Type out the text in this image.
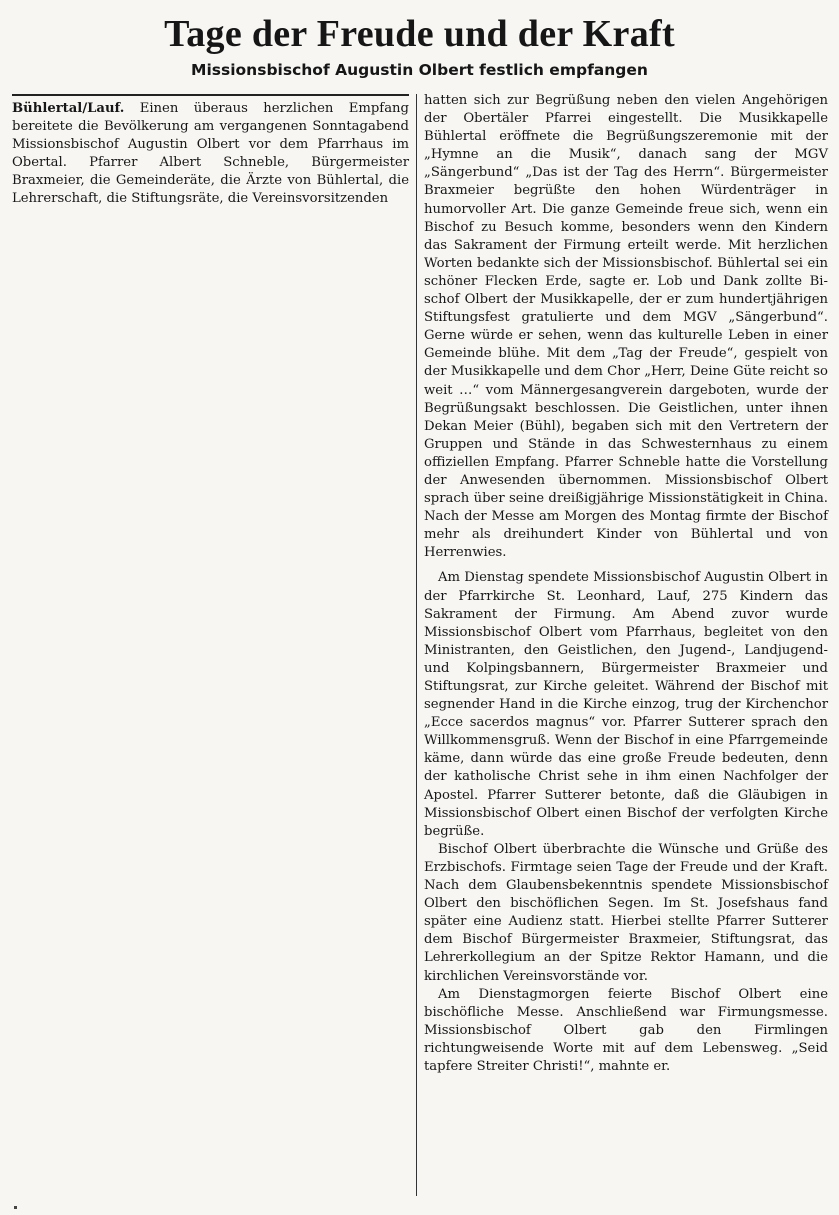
Tage der Freude und der Kraft
Missionsbischof Augustin Olbert festlich empfangen

Bühlertal/Lauf. Einen überaus herzlichen Empfang bereitete die Bevölkerung am vergangenen Sonntagabend Missionsbischof Augustin Olbert vor dem Pfarrhaus im Obertal. Pfarrer Albert Schneble, Bürgermeister Braxmeier, die Gemeinderäte, die Ärzte von Bühlertal, die Lehrerschaft, die Stiftungsräte, die Vereinsvorsitzenden

hatten sich zur Begrüßung neben den vielen Angehörigen der Obertäler Pfarrei eingestellt. Die Musikkapelle Bühlertal eröffnete die Begrüßungszeremonie mit der „Hymne an die Musik“, danach sang der MGV „Sängerbund“ „Das ist der Tag des Herrn“. Bürgermeister Braxmeier begrüßte den hohen Würdenträger in humorvoller Art. Die ganze Gemeinde freue sich, wenn ein Bischof zu Besuch komme, besonders wenn den Kindern das Sakrament der Firmung erteilt werde. Mit herzlichen Worten bedankte sich der Missionsbischof. Bühlertal sei ein schöner Flecken Erde, sagte er. Lob und Dank zollte Bischof Olbert der Musikkapelle, der er zum hundertjährigen Stiftungsfest gratulierte und dem MGV „Sängerbund“. Gerne würde er sehen, wenn das kulturelle Leben in einer Gemeinde blühe. Mit dem „Tag der Freude“, gespielt von der Musikkapelle und dem Chor „Herr, Deine Güte reicht so weit …“ vom Männergesangverein dargeboten, wurde der Begrüßungsakt beschlossen. Die Geistlichen, unter ihnen Dekan Meier (Bühl), begaben sich mit den Vertretern der Gruppen und Stände in das Schwesternhaus zu einem offiziellen Empfang. Pfarrer Schneble hatte die Vorstellung der Anwesenden übernommen. Missionsbischof Olbert sprach über seine dreißigjährige Missionstätigkeit in China. Nach der Messe am Morgen des Montag firmte der Bischof mehr als dreihundert Kinder von Bühlertal und von Herrenwies.

Am Dienstag spendete Missionsbischof Augustin Olbert in der Pfarrkirche St. Leonhard, Lauf, 275 Kindern das Sakrament der Firmung. Am Abend zuvor wurde Missionsbischof Olbert vom Pfarrhaus, begleitet von den Ministranten, den Geistlichen, den Jugend-, Landjugend- und Kolpingsbannern, Bürgermeister Braxmeier und Stiftungsrat, zur Kirche geleitet. Während der Bischof mit segnender Hand in die Kirche einzog, trug der Kirchenchor „Ecce sacerdos magnus“ vor. Pfarrer Sutterer sprach den Willkommensgruß. Wenn der Bischof in eine Pfarrgemeinde käme, dann würde das eine große Freude bedeuten, denn der katholische Christ sehe in ihm einen Nachfolger der Apostel. Pfarrer Sutterer betonte, daß die Gläubigen in Missionsbischof Olbert einen Bischof der verfolgten Kirche begrüße.

Bischof Olbert überbrachte die Wünsche und Grüße des Erzbischofs. Firmtage seien Tage der Freude und der Kraft. Nach dem Glaubensbekenntnis spendete Missionsbischof Olbert den bischöflichen Segen. Im St. Josefshaus fand später eine Audienz statt. Hierbei stellte Pfarrer Sutterer dem Bischof Bürgermeister Braxmeier, Stiftungsrat, das Lehrerkollegium an der Spitze Rektor Hamann, und die kirchlichen Vereinsvorstände vor.

Am Dienstagmorgen feierte Bischof Olbert eine bischöfliche Messe. Anschließend war Firmungsmesse. Missionsbischof Olbert gab den Firmlingen richtungweisende Worte mit auf dem Lebensweg. „Seid tapfere Streiter Christi!“, mahnte er.
